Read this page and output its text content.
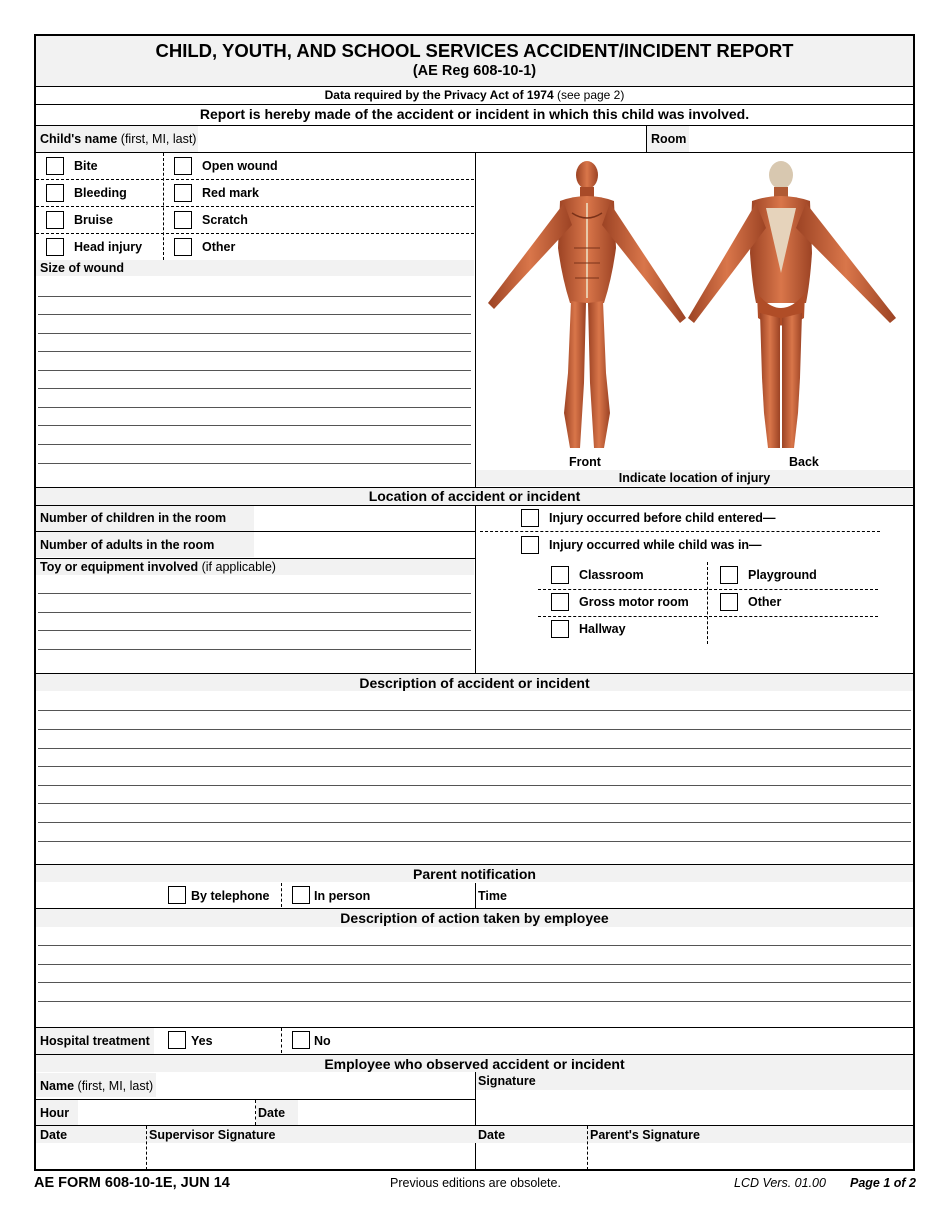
CHILD, YOUTH, AND SCHOOL SERVICES ACCIDENT/INCIDENT REPORT
(AE Reg 608-10-1)
Data required by the Privacy Act of 1974 (see page 2)
Report is hereby made of the accident or incident in which this child was involved.
Child's name (first, MI, last)	Room
Bite	Open wound
Bleeding	Red mark
Bruise	Scratch
Head injury	Other
Size of wound
Front	Back
Indicate location of injury
Location of accident or incident
Number of children in the room
Number of adults in the room
Toy or equipment involved (if applicable)
Injury occurred before child entered—
Injury occurred while child was in—
Classroom	Playground
Gross motor room	Other
Hallway
Description of accident or incident
Parent notification
By telephone	In person	Time
Description of action taken by employee
Hospital treatment	Yes	No
Employee who observed accident or incident
Signature
Name (first, MI, last)
Hour	Date
Date	Supervisor Signature	Date	Parent's Signature
AE FORM 608-10-1E, JUN 14	Previous editions are obsolete.	LCD Vers. 01.00 Page 1 of 2
